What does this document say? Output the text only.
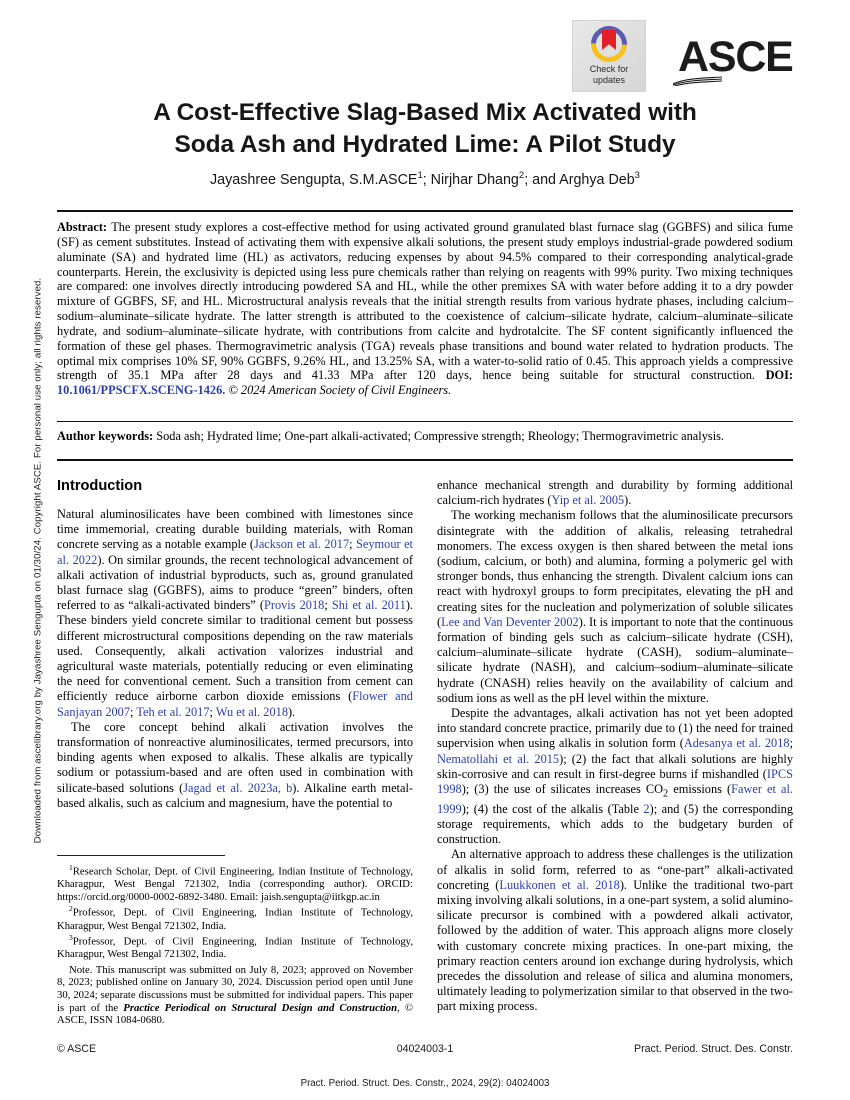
Downloaded from ascelibrary.org by Jayashree Sengupta on 01/30/24. Copyright ASCE. For personal use only; all rights reserved.
Check for
updates ASCE
A Cost-Effective Slag-Based Mix Activated with
Soda Ash and Hydrated Lime: A Pilot Study
Jayashree Sengupta, S.M.ASCE$^1$; Nirjhar Dhang$^2$; and Arghya Deb$^3$
Abstract: The present study explores a cost-effective method for using activated ground granulated blast furnace slag (GGBFS) and silica fume (SF) as cement substitutes. Instead of activating them with expensive alkali solutions, the present study employs industrial-grade powdered sodium aluminate (SA) and hydrated lime (HL) as activators, reducing expenses by about 94.5% compared to their corresponding analytical-grade counterparts. Herein, the exclusivity is depicted using less pure chemicals rather than relying on reagents with 99% purity. Two mixing techniques are compared: one involves directly introducing powdered SA and HL, while the other premixes SA with water before adding it to a dry powder mixture of GGBFS, SF, and HL. Microstructural analysis reveals that the initial strength results from various hydrate phases, including calcium–sodium–aluminate–silicate hydrate. The latter strength is attributed to the coexistence of calcium–silicate hydrate, calcium–aluminate–silicate hydrate, and sodium–aluminate–silicate hydrate, with contributions from calcite and hydrotalcite. The SF content significantly influenced the formation of these gel phases. Thermogravimetric analysis (TGA) reveals phase transitions and bound water related to hydration products. The optimal mix comprises 10% SF, 90% GGBFS, 9.26% HL, and 13.25% SA, with a water-to-solid ratio of 0.45. This approach yields a compressive strength of 35.1 MPa after 28 days and 41.33 MPa after 120 days, hence being suitable for structural construction. DOI: 10.1061/PPSCFX.SCENG-1426. © 2024 American Society of Civil Engineers.
Author keywords: Soda ash; Hydrated lime; One-part alkali-activated; Compressive strength; Rheology; Thermogravimetric analysis.
Introduction

Natural aluminosilicates have been combined with limestones since time immemorial, creating durable building materials, with Roman concrete serving as a notable example (Jackson et al. 2017; Seymour et al. 2022). On similar grounds, the recent technological advancement of alkali activation of industrial byproducts, such as, ground granulated blast furnace slag (GGBFS), aims to produce “green” binders, often referred to as “alkali-activated binders” (Provis 2018; Shi et al. 2011). These binders yield concrete similar to traditional cement but possess different microstructural compositions depending on the raw materials used. Consequently, alkali activation valorizes industrial and agricultural waste materials, potentially reducing or even eliminating the need for conventional cement. Such a transition from cement can efficiently reduce airborne carbon dioxide emissions (Flower and Sanjayan 2007; Teh et al. 2017; Wu et al. 2018).

The core concept behind alkali activation involves the transformation of nonreactive aluminosilicates, termed precursors, into binding agents when exposed to alkalis. These alkalis are typically sodium or potassium-based and are often used in combination with silicate-based solutions (Jagad et al. 2023a, b). Alkaline earth metal-based alkalis, such as calcium and magnesium, have the potential to

enhance mechanical strength and durability by forming additional calcium-rich hydrates (Yip et al. 2005).

The working mechanism follows that the aluminosilicate precursors disintegrate with the addition of alkalis, releasing tetrahedral monomers. The excess oxygen is then shared between the metal ions (sodium, calcium, or both) and alumina, forming a polymeric gel with stronger bonds, thus enhancing the strength. Divalent calcium ions can react with hydroxyl groups to form precipitates, elevating the pH and creating sites for the nucleation and polymerization of soluble silicates (Lee and Van Deventer 2002). It is important to note that the continuous formation of binding gels such as calcium–silicate hydrate (CSH), calcium–aluminate–silicate hydrate (CASH), sodium–aluminate–silicate hydrate (NASH), and calcium–sodium–aluminate–silicate hydrate (CNASH) relies heavily on the availability of calcium and sodium ions as well as the pH level within the mixture.

Despite the advantages, alkali activation has not yet been adopted into standard concrete practice, primarily due to (1) the need for trained supervision when using alkalis in solution form (Adesanya et al. 2018; Nematollahi et al. 2015); (2) the fact that alkali solutions are highly skin-corrosive and can result in first-degree burns if mishandled (IPCS 1998); (3) the use of silicates increases $CO_2$ emissions (Fawer et al. 1999); (4) the cost of the alkalis (Table 2); and (5) the corresponding storage requirements, which adds to the budgetary burden of construction.

An alternative approach to address these challenges is the utilization of alkalis in solid form, referred to as “one-part” alkali-activated concreting (Luukkonen et al. 2018). Unlike the traditional two-part mixing involving alkali solutions, in a one-part system, a solid alumino-silicate precursor is combined with a powdered alkali activator, followed by the addition of water. This approach aligns more closely with customary concrete mixing practices. In one-part mixing, the primary reaction centers around ion exchange during hydrolysis, which precedes the dissolution and release of silica and alumina monomers, ultimately leading to polymerization similar to that observed in the two-part mixing process.

$^1$Research Scholar, Dept. of Civil Engineering, Indian Institute of Technology, Kharagpur, West Bengal 721302, India (corresponding author). ORCID: https://orcid.org/0000-0002-6892-3480. Email: jaish.sengupta@iitkgp.ac.in

$^2$Professor, Dept. of Civil Engineering, Indian Institute of Technology, Kharagpur, West Bengal 721302, India.

$^3$Professor, Dept. of Civil Engineering, Indian Institute of Technology, Kharagpur, West Bengal 721302, India.

Note. This manuscript was submitted on July 8, 2023; approved on November 8, 2023; published online on January 30, 2024. Discussion period open until June 30, 2024; separate discussions must be submitted for individual papers. This paper is part of the Practice Periodical on Structural Design and Construction, © ASCE, ISSN 1084-0680.

© ASCE	04024003-1	Pract. Period. Struct. Des. Constr.
Pract. Period. Struct. Des. Constr., 2024, 29(2): 04024003
